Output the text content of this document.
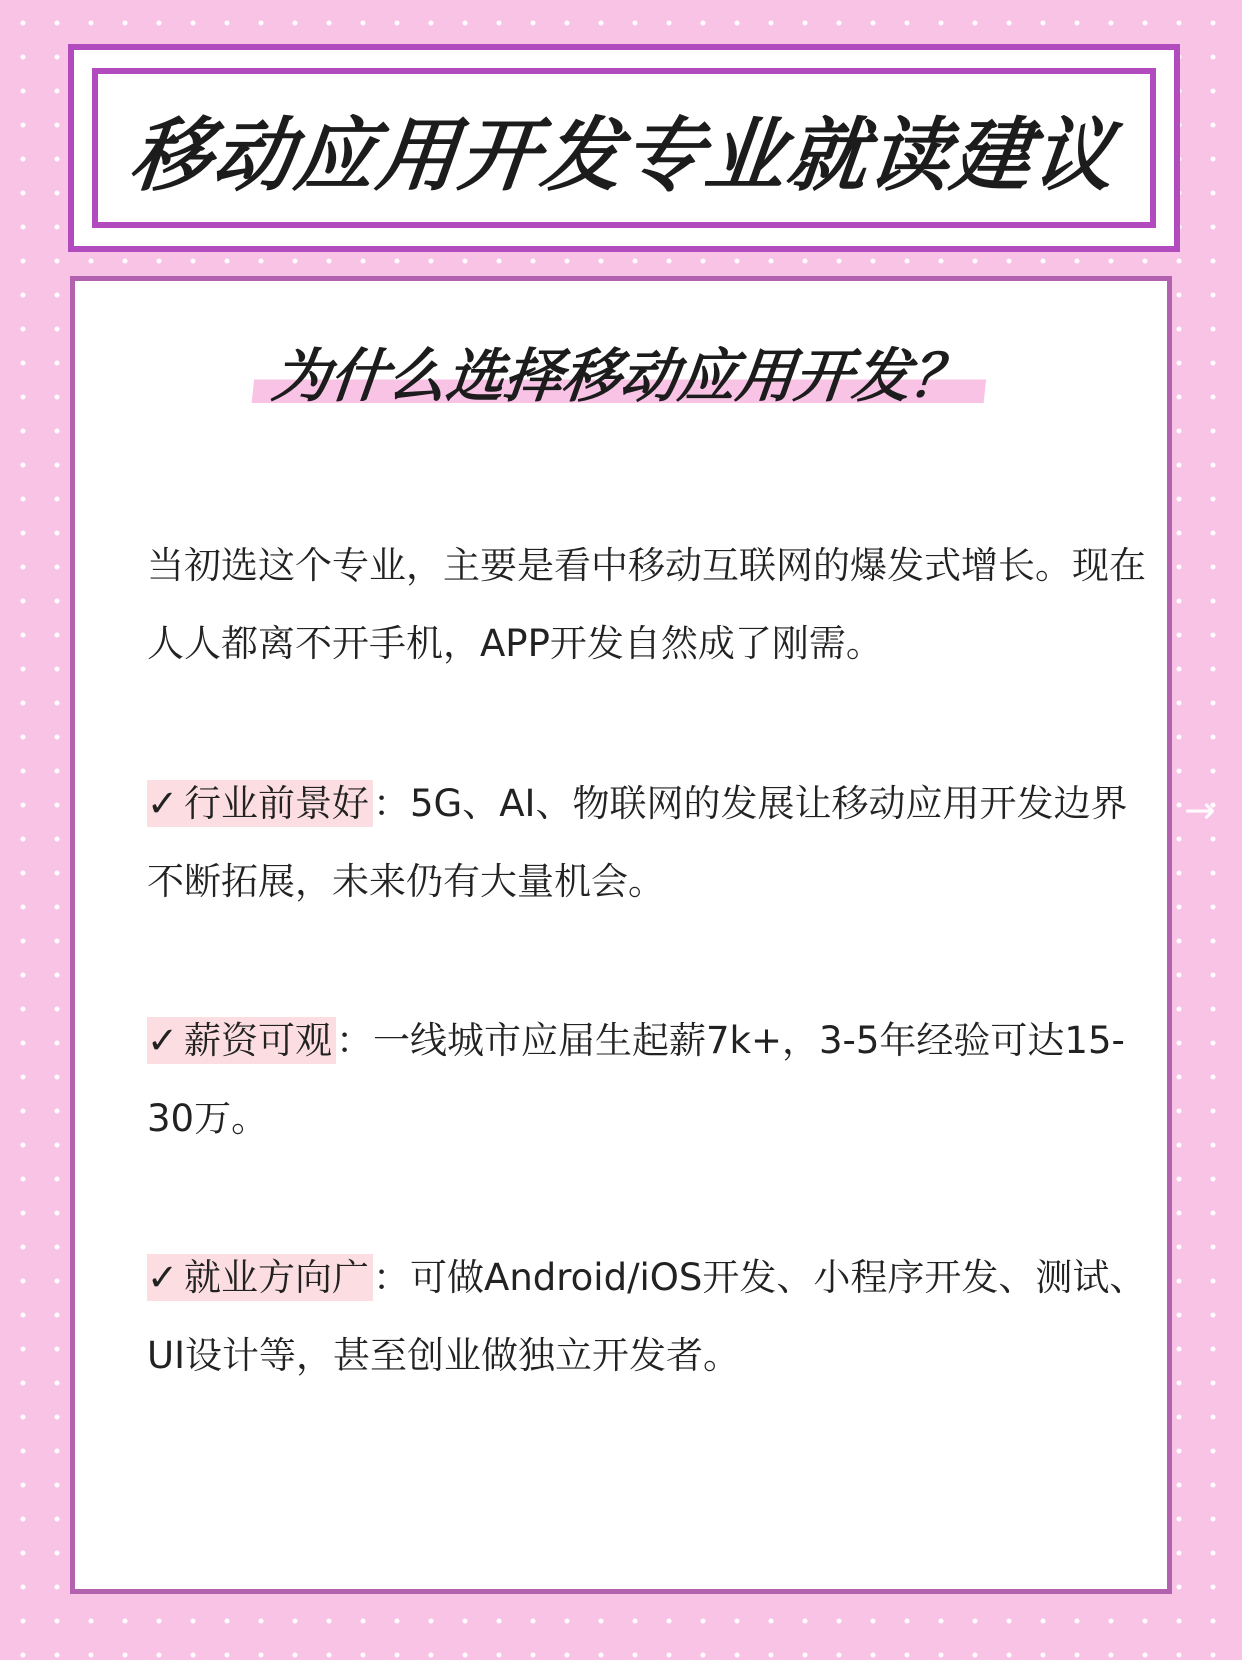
移动应用开发专业就读建议
为什么选择移动应用开发？

当初选这个专业，主要是看中移动互联网的爆发式增长。现在人人都离不开手机，APP开发自然成了刚需。

✓ 行业前景好 ：5G、AI、物联网的发展让移动应用开发边界不断拓展，未来仍有大量机会。

✓ 薪资可观 ：一线城市应届生起薪7k+，3-5年经验可达15-30万。

✓ 就业方向广 ：可做Android/iOS开发、小程序开发、测试、UI设计等，甚至创业做独立开发者。

→
